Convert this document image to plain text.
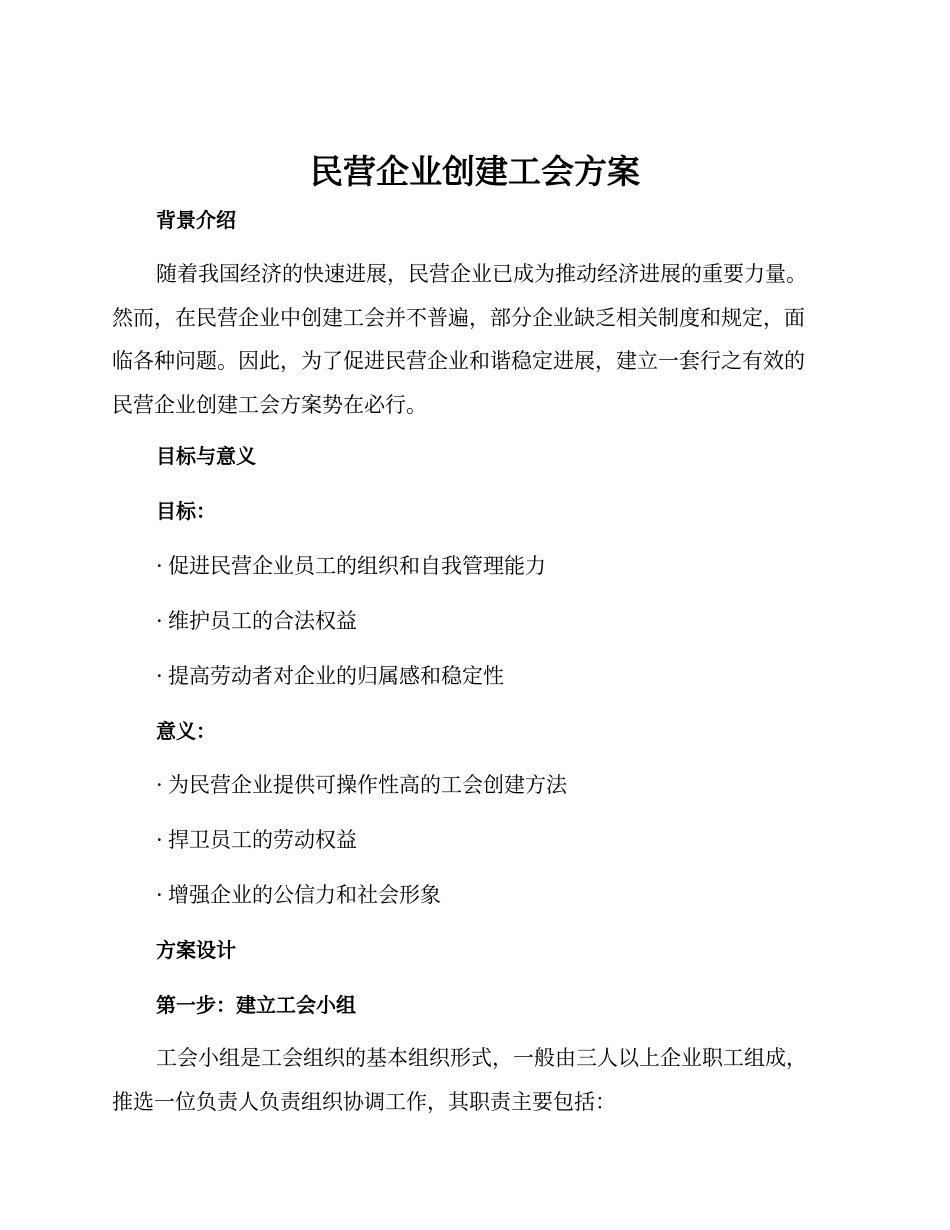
民营企业创建工会方案
背景介绍
随着我国经济的快速进展，民营企业已成为推动经济进展的重要力量。
然而，在民营企业中创建工会并不普遍，部分企业缺乏相关制度和规定，面
临各种问题。因此，为了促进民营企业和谐稳定进展，建立一套行之有效的
民营企业创建工会方案势在必行。
目标与意义
目标：
· 促进民营企业员工的组织和自我管理能力
· 维护员工的合法权益
· 提高劳动者对企业的归属感和稳定性
意义：
· 为民营企业提供可操作性高的工会创建方法
· 捍卫员工的劳动权益
· 增强企业的公信力和社会形象
方案设计
第一步：建立工会小组
工会小组是工会组织的基本组织形式，一般由三人以上企业职工组成，
推选一位负责人负责组织协调工作，其职责主要包括：
